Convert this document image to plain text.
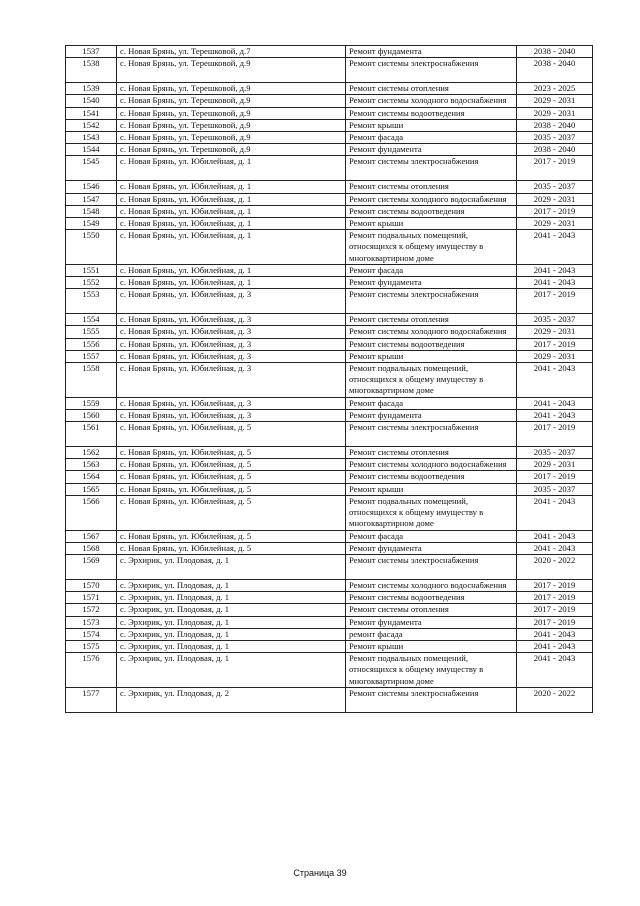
1537	с. Новая Брянь, ул. Терешковой, д.7	Ремонт фундамента	2038 - 2040
1538	с. Новая Брянь, ул. Терешковой, д.9	Ремонт системы электроснабжения	2038 - 2040
1539	с. Новая Брянь, ул. Терешковой, д.9	Ремонт системы отопления	2023 - 2025
1540	с. Новая Брянь, ул. Терешковой, д.9	Ремонт системы холодного водоснабжения	2029 - 2031
1541	с. Новая Брянь, ул. Терешковой, д.9	Ремонт системы водоотведения	2029 - 2031
1542	с. Новая Брянь, ул. Терешковой, д.9	Ремонт крыши	2038 - 2040
1543	с. Новая Брянь, ул. Терешковой, д.9	Ремонт фасада	2035 - 2037
1544	с. Новая Брянь, ул. Терешковой, д.9	Ремонт фундамента	2038 - 2040
1545	с. Новая Брянь, ул. Юбилейная, д. 1	Ремонт системы электроснабжения	2017 - 2019
1546	с. Новая Брянь, ул. Юбилейная, д. 1	Ремонт системы отопления	2035 - 2037
1547	с. Новая Брянь, ул. Юбилейная, д. 1	Ремонт системы холодного водоснабжения	2029 - 2031
1548	с. Новая Брянь, ул. Юбилейная, д. 1	Ремонт системы водоотведения	2017 - 2019
1549	с. Новая Брянь, ул. Юбилейная, д. 1	Ремонт крыши	2029 - 2031
1550	с. Новая Брянь, ул. Юбилейная, д. 1	Ремонт подвальных помещений, относящихся к общему имуществу в многоквартирном доме	2041 - 2043
1551	с. Новая Брянь, ул. Юбилейная, д. 1	Ремонт фасада	2041 - 2043
1552	с. Новая Брянь, ул. Юбилейная, д. 1	Ремонт фундамента	2041 - 2043
1553	с. Новая Брянь, ул. Юбилейная, д. 3	Ремонт системы электроснабжения	2017 - 2019
1554	с. Новая Брянь, ул. Юбилейная, д. 3	Ремонт системы отопления	2035 - 2037
1555	с. Новая Брянь, ул. Юбилейная, д. 3	Ремонт системы холодного водоснабжения	2029 - 2031
1556	с. Новая Брянь, ул. Юбилейная, д. 3	Ремонт системы водоотведения	2017 - 2019
1557	с. Новая Брянь, ул. Юбилейная, д. 3	Ремонт крыши	2029 - 2031
1558	с. Новая Брянь, ул. Юбилейная, д. 3	Ремонт подвальных помещений, относящихся к общему имуществу в многоквартирном доме	2041 - 2043
1559	с. Новая Брянь, ул. Юбилейная, д. 3	Ремонт фасада	2041 - 2043
1560	с. Новая Брянь, ул. Юбилейная, д. 3	Ремонт фундамента	2041 - 2043
1561	с. Новая Брянь, ул. Юбилейная, д. 5	Ремонт системы электроснабжения	2017 - 2019
1562	с. Новая Брянь, ул. Юбилейная, д. 5	Ремонт системы отопления	2035 - 2037
1563	с. Новая Брянь, ул. Юбилейная, д. 5	Ремонт системы холодного водоснабжения	2029 - 2031
1564	с. Новая Брянь, ул. Юбилейная, д. 5	Ремонт системы водоотведения	2017 - 2019
1565	с. Новая Брянь, ул. Юбилейная, д. 5	Ремонт крыши	2035 - 2037
1566	с. Новая Брянь, ул. Юбилейная, д. 5	Ремонт подвальных помещений, относящихся к общему имуществу в многоквартирном доме	2041 - 2043
1567	с. Новая Брянь, ул. Юбилейная, д. 5	Ремонт фасада	2041 - 2043
1568	с. Новая Брянь, ул. Юбилейная, д. 5	Ремонт фундамента	2041 - 2043
1569	с. Эрхирик, ул. Плодовая, д. 1	Ремонт системы электроснабжения	2020 - 2022
1570	с. Эрхирик, ул. Плодовая, д. 1	Ремонт системы холодного водоснабжения	2017 - 2019
1571	с. Эрхирик, ул. Плодовая, д. 1	Ремонт системы водоотведения	2017 - 2019
1572	с. Эрхирик, ул. Плодовая, д. 1	Ремонт системы отопления	2017 - 2019
1573	с. Эрхирик, ул. Плодовая, д. 1	Ремонт фундамента	2017 - 2019
1574	с. Эрхирик, ул. Плодовая, д. 1	ремонт фасада	2041 - 2043
1575	с. Эрхирик, ул. Плодовая, д. 1	Ремонт крыши	2041 - 2043
1576	с. Эрхирик, ул. Плодовая, д. 1	Ремонт подвальных помещений, относящихся к общему имуществу в многоквартирном доме	2041 - 2043
1577	с. Эрхирик, ул. Плодовая, д. 2	Ремонт системы электроснабжения	2020 - 2022
Страница 39
